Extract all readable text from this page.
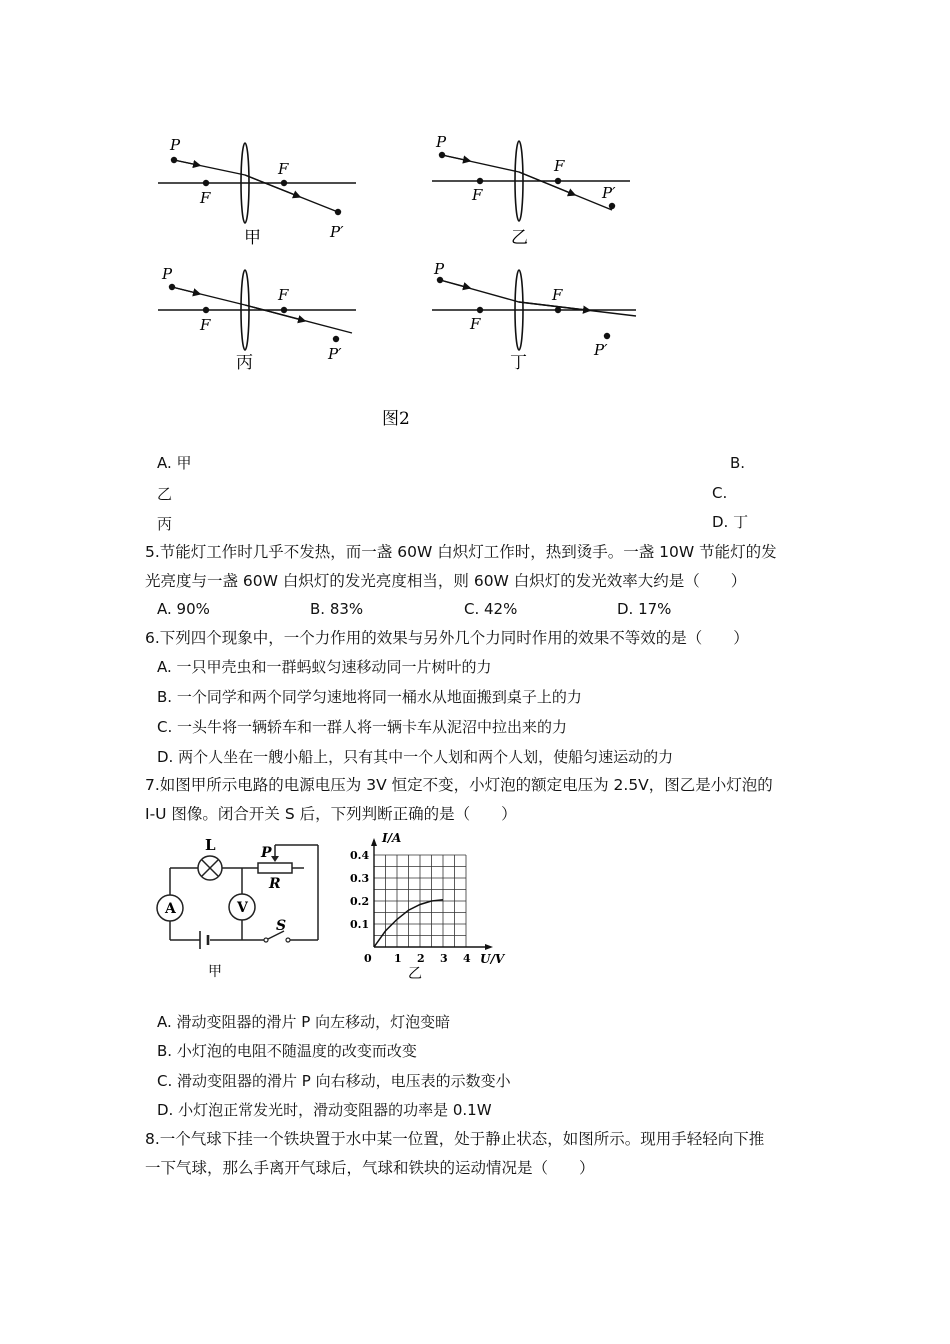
P
F
F
P′
甲
P
F
F
P′
乙
P
F
F
P′
丙
P
F
F
P′
丁
图2
A. 甲	B.
乙	C.
丙	D. 丁
5.节能灯工作时几乎不发热，而一盏 60W 白炽灯工作时，热到烫手。一盏 10W 节能灯的发
光亮度与一盏 60W 白炽灯的发光亮度相当，则 60W 白炽灯的发光效率大约是（　　）
A. 90%	B. 83%	C. 42%	D. 17%
6.下列四个现象中，一个力作用的效果与另外几个力同时作用的效果不等效的是（　　）
A. 一只甲壳虫和一群蚂蚁匀速移动同一片树叶的力
B. 一个同学和两个同学匀速地将同一桶水从地面搬到桌子上的力
C. 一头牛将一辆轿车和一群人将一辆卡车从泥沼中拉出来的力
D. 两个人坐在一艘小船上，只有其中一个人划和两个人划，使船匀速运动的力
7.如图甲所示电路的电源电压为 3V 恒定不变，小灯泡的额定电压为 2.5V，图乙是小灯泡的
I-U 图像。闭合开关 S 后，下列判断正确的是（　　）
L	P
R
A	V
S
甲
0.4
0.3
0.2
0.1
0 1 2 3 4
I/A
U/V
乙
A. 滑动变阻器的滑片 P 向左移动，灯泡变暗
B. 小灯泡的电阻不随温度的改变而改变
C. 滑动变阻器的滑片 P 向右移动，电压表的示数变小
D. 小灯泡正常发光时，滑动变阻器的功率是 0.1W
8.一个气球下挂一个铁块置于水中某一位置，处于静止状态，如图所示。现用手轻轻向下推
一下气球，那么手离开气球后，气球和铁块的运动情况是（　　）
